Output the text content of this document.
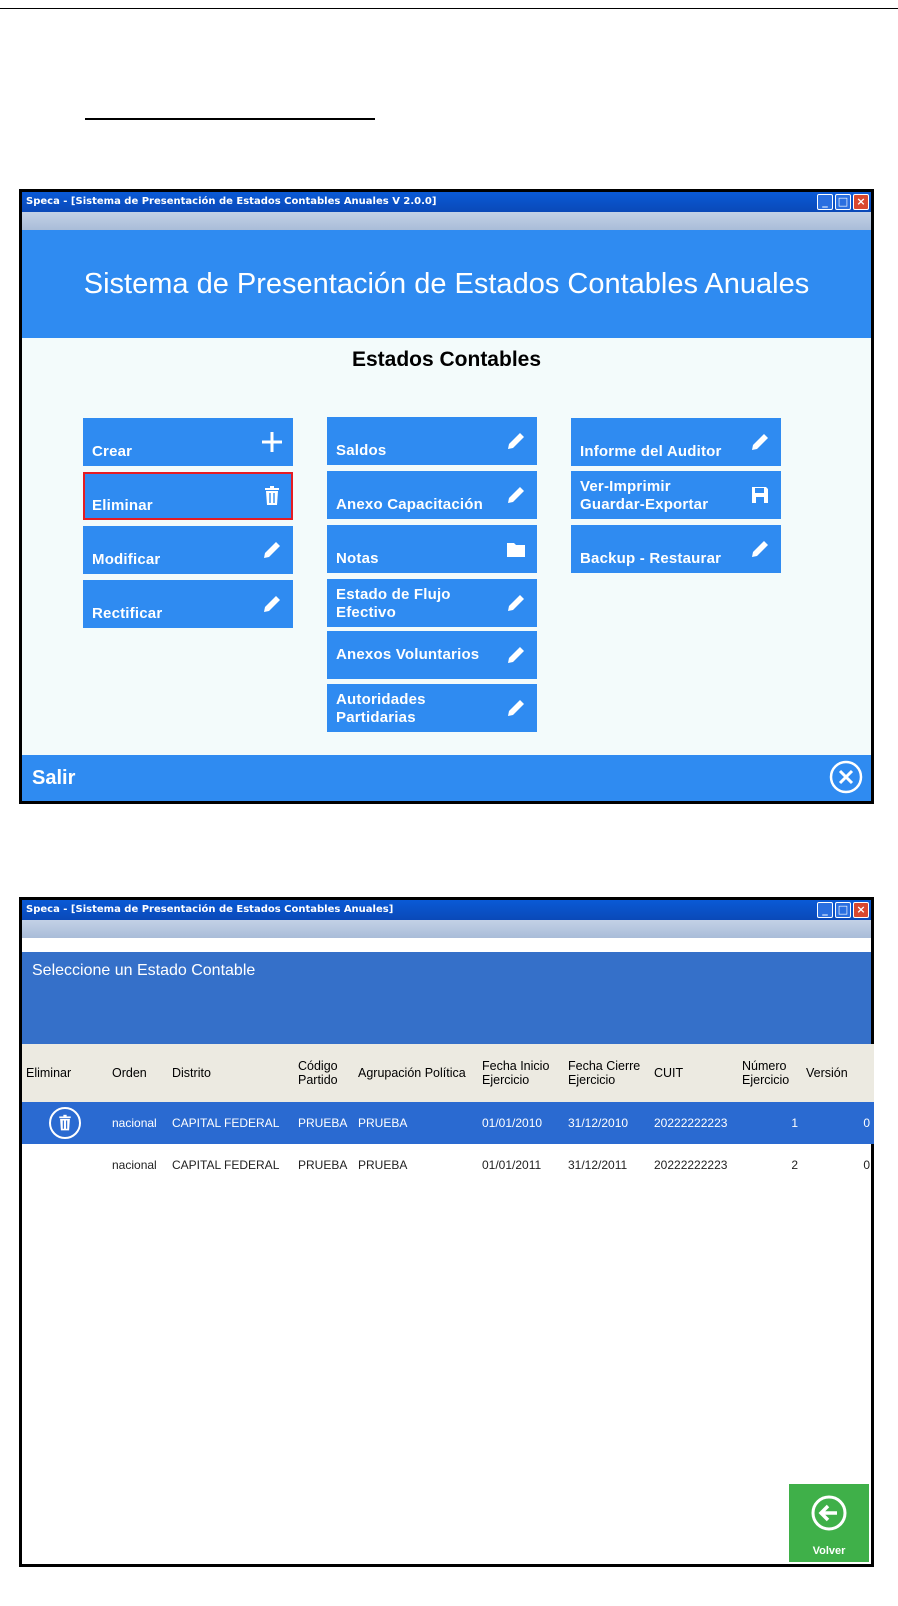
Speca - [Sistema de Presentación de Estados Contables Anuales V 2.0.0]	_ □ ×
Sistema de Presentación de Estados Contables Anuales
Estados Contables
Crear
Eliminar
Modificar
Rectificar
Saldos
Anexo Capacitación
Notas
Estado de Flujo
Efectivo
Anexos Voluntarios
Autoridades
Partidarias
Informe del Auditor
Ver-Imprimir
Guardar-Exportar
Backup - Restaurar
Salir
Speca - [Sistema de Presentación de Estados Contables Anuales]	_ □ ×
Seleccione un Estado Contable
Eliminar	Orden	Distrito	Código Partido	Agrupación Política	Fecha Inicio Ejercicio	Fecha Cierre Ejercicio	CUIT	Número Ejercicio	Versión

	nacional	CAPITAL FEDERAL	PRUEBA	PRUEBA	01/01/2010	31/12/2010	20222222223	1	0
	nacional	CAPITAL FEDERAL	PRUEBA	PRUEBA	01/01/2011	31/12/2011	20222222223	2	0
Volver
